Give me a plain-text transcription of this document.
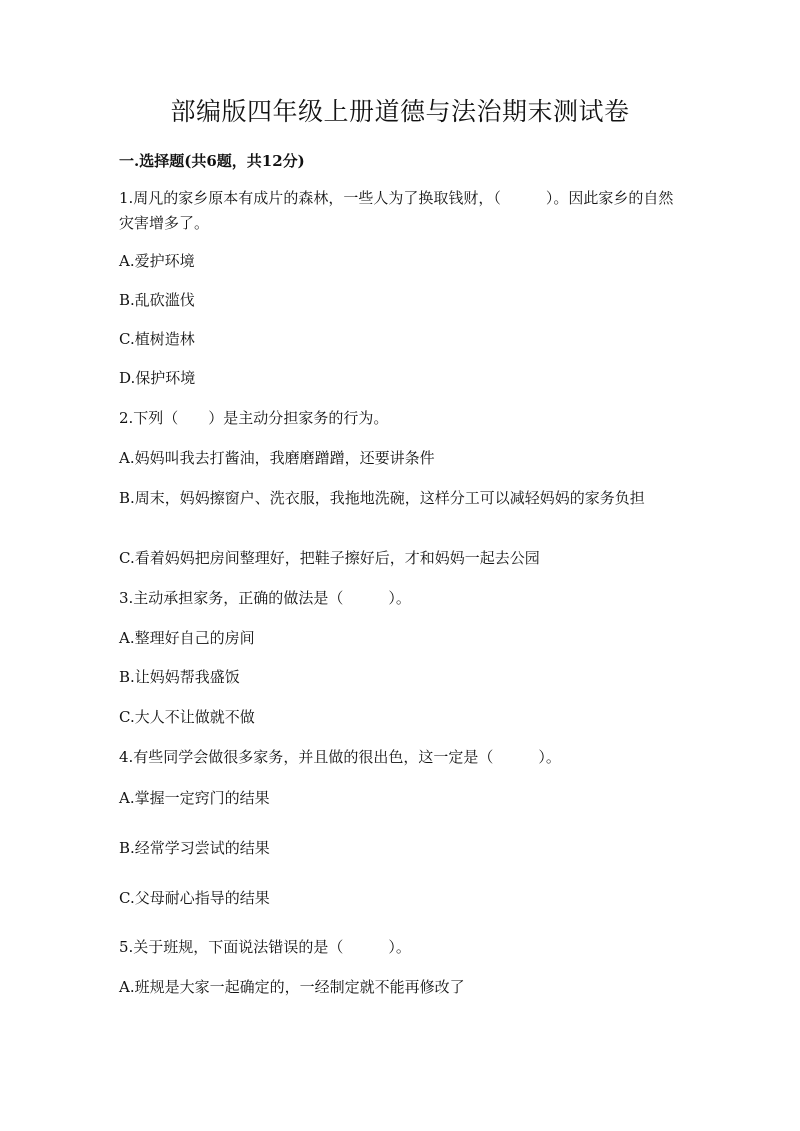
部编版四年级上册道德与法治期末测试卷
一.选择题(共6题，共12分)
1.周凡的家乡原本有成片的森林，一些人为了换取钱财，（　　　）。因此家乡的自然灾害增多了。
A.爱护环境
B.乱砍滥伐
C.植树造林
D.保护环境
2.下列（　　）是主动分担家务的行为。
A.妈妈叫我去打酱油，我磨磨蹭蹭，还要讲条件
B.周末，妈妈擦窗户、洗衣服，我拖地洗碗，这样分工可以减轻妈妈的家务负担
C.看着妈妈把房间整理好，把鞋子擦好后，才和妈妈一起去公园
3.主动承担家务，正确的做法是（　　　）。
A.整理好自己的房间
B.让妈妈帮我盛饭
C.大人不让做就不做
4.有些同学会做很多家务，并且做的很出色，这一定是（　　　）。
A.掌握一定窍门的结果
B.经常学习尝试的结果
C.父母耐心指导的结果
5.关于班规，下面说法错误的是（　　　）。
A.班规是大家一起确定的，一经制定就不能再修改了
